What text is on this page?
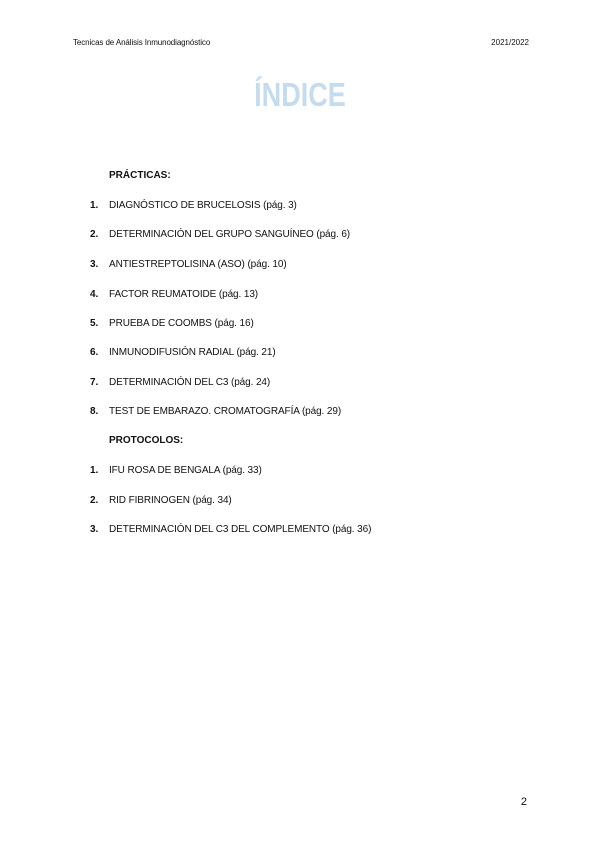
Tecnicas de Análisis Inmunodiagnóstico	2021/2022
ÍNDICE
PRÁCTICAS:
1.	DIAGNÓSTICO DE BRUCELOSIS (pág. 3)
2.	DETERMINACIÓN DEL GRUPO SANGUÍNEO (pág. 6)
3.	ANTIESTREPTOLISINA (ASO) (pág. 10)
4.	FACTOR REUMATOIDE (pág. 13)
5.	PRUEBA DE COOMBS (pág. 16)
6.	INMUNODIFUSIÓN RADIAL (pág. 21)
7.	DETERMINACIÓN DEL C3 (pág. 24)
8.	TEST DE EMBARAZO. CROMATOGRAFÍA (pág. 29)
PROTOCOLOS:
1.	IFU ROSA DE BENGALA (pág. 33)
2.	RID FIBRINOGEN (pág. 34)
3.	DETERMINACIÓN DEL C3 DEL COMPLEMENTO (pág. 36)
2
